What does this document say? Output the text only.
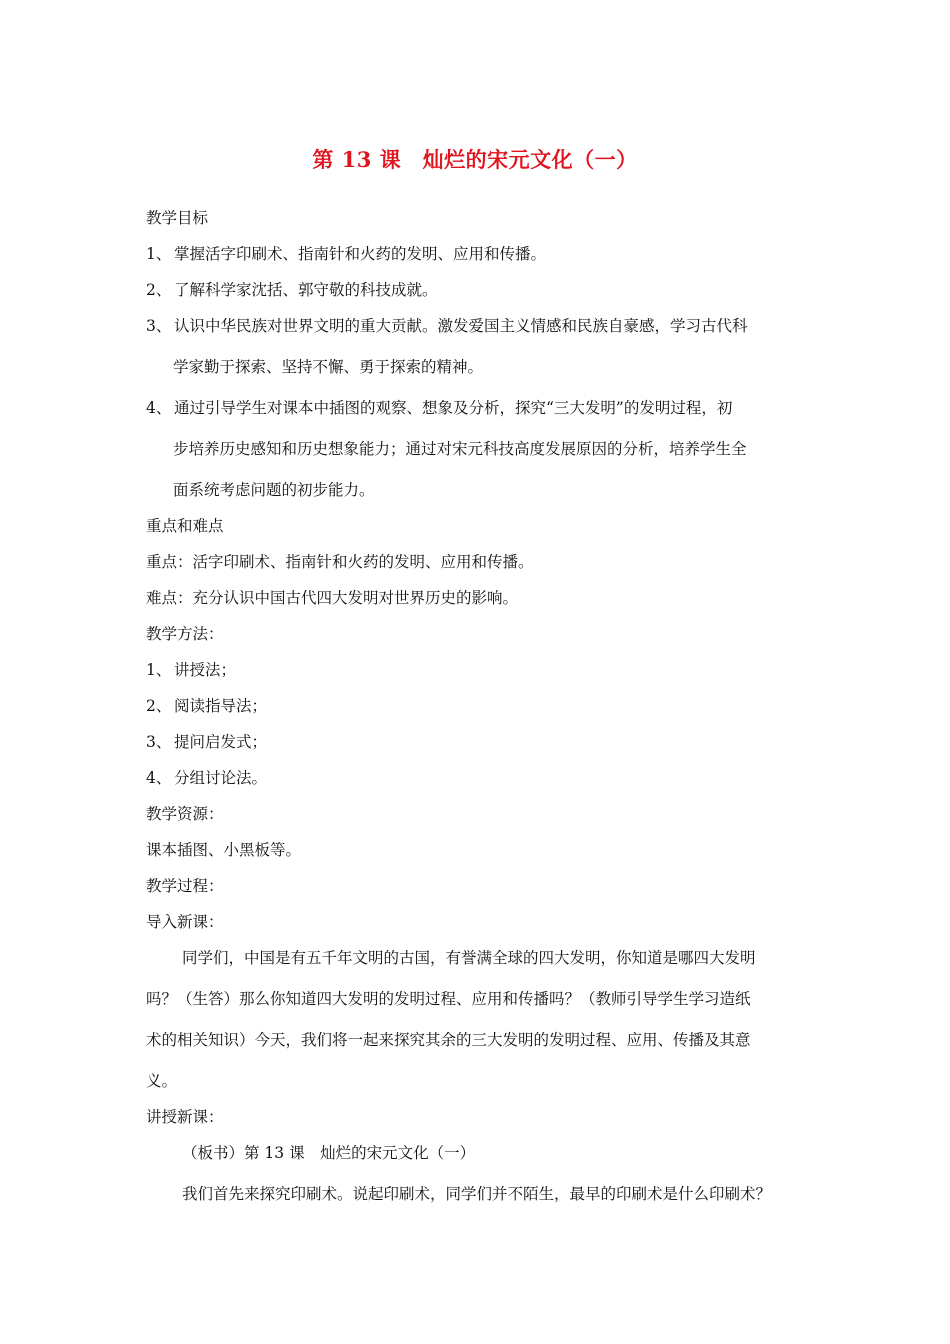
第 13 课　灿烂的宋元文化（一）
教学目标
1、 掌握活字印刷术、指南针和火药的发明、应用和传播。
2、 了解科学家沈括、郭守敬的科技成就。
3、 认识中华民族对世界文明的重大贡献。激发爱国主义情感和民族自豪感，学习古代科
学家勤于探索、坚持不懈、勇于探索的精神。
4、 通过引导学生对课本中插图的观察、想象及分析，探究“三大发明”的发明过程，初
步培养历史感知和历史想象能力；通过对宋元科技高度发展原因的分析，培养学生全
面系统考虑问题的初步能力。
重点和难点
重点：活字印刷术、指南针和火药的发明、应用和传播。
难点：充分认识中国古代四大发明对世界历史的影响。
教学方法：
1、 讲授法；
2、 阅读指导法；
3、 提问启发式；
4、 分组讨论法。
教学资源：
课本插图、小黑板等。
教学过程：
导入新课：
同学们，中国是有五千年文明的古国，有誉满全球的四大发明，你知道是哪四大发明
吗？（生答）那么你知道四大发明的发明过程、应用和传播吗？（教师引导学生学习造纸
术的相关知识）今天，我们将一起来探究其余的三大发明的发明过程、应用、传播及其意
义。
讲授新课：
（板书）第 13 课　灿烂的宋元文化（一）
我们首先来探究印刷术。说起印刷术，同学们并不陌生，最早的印刷术是什么印刷术？
